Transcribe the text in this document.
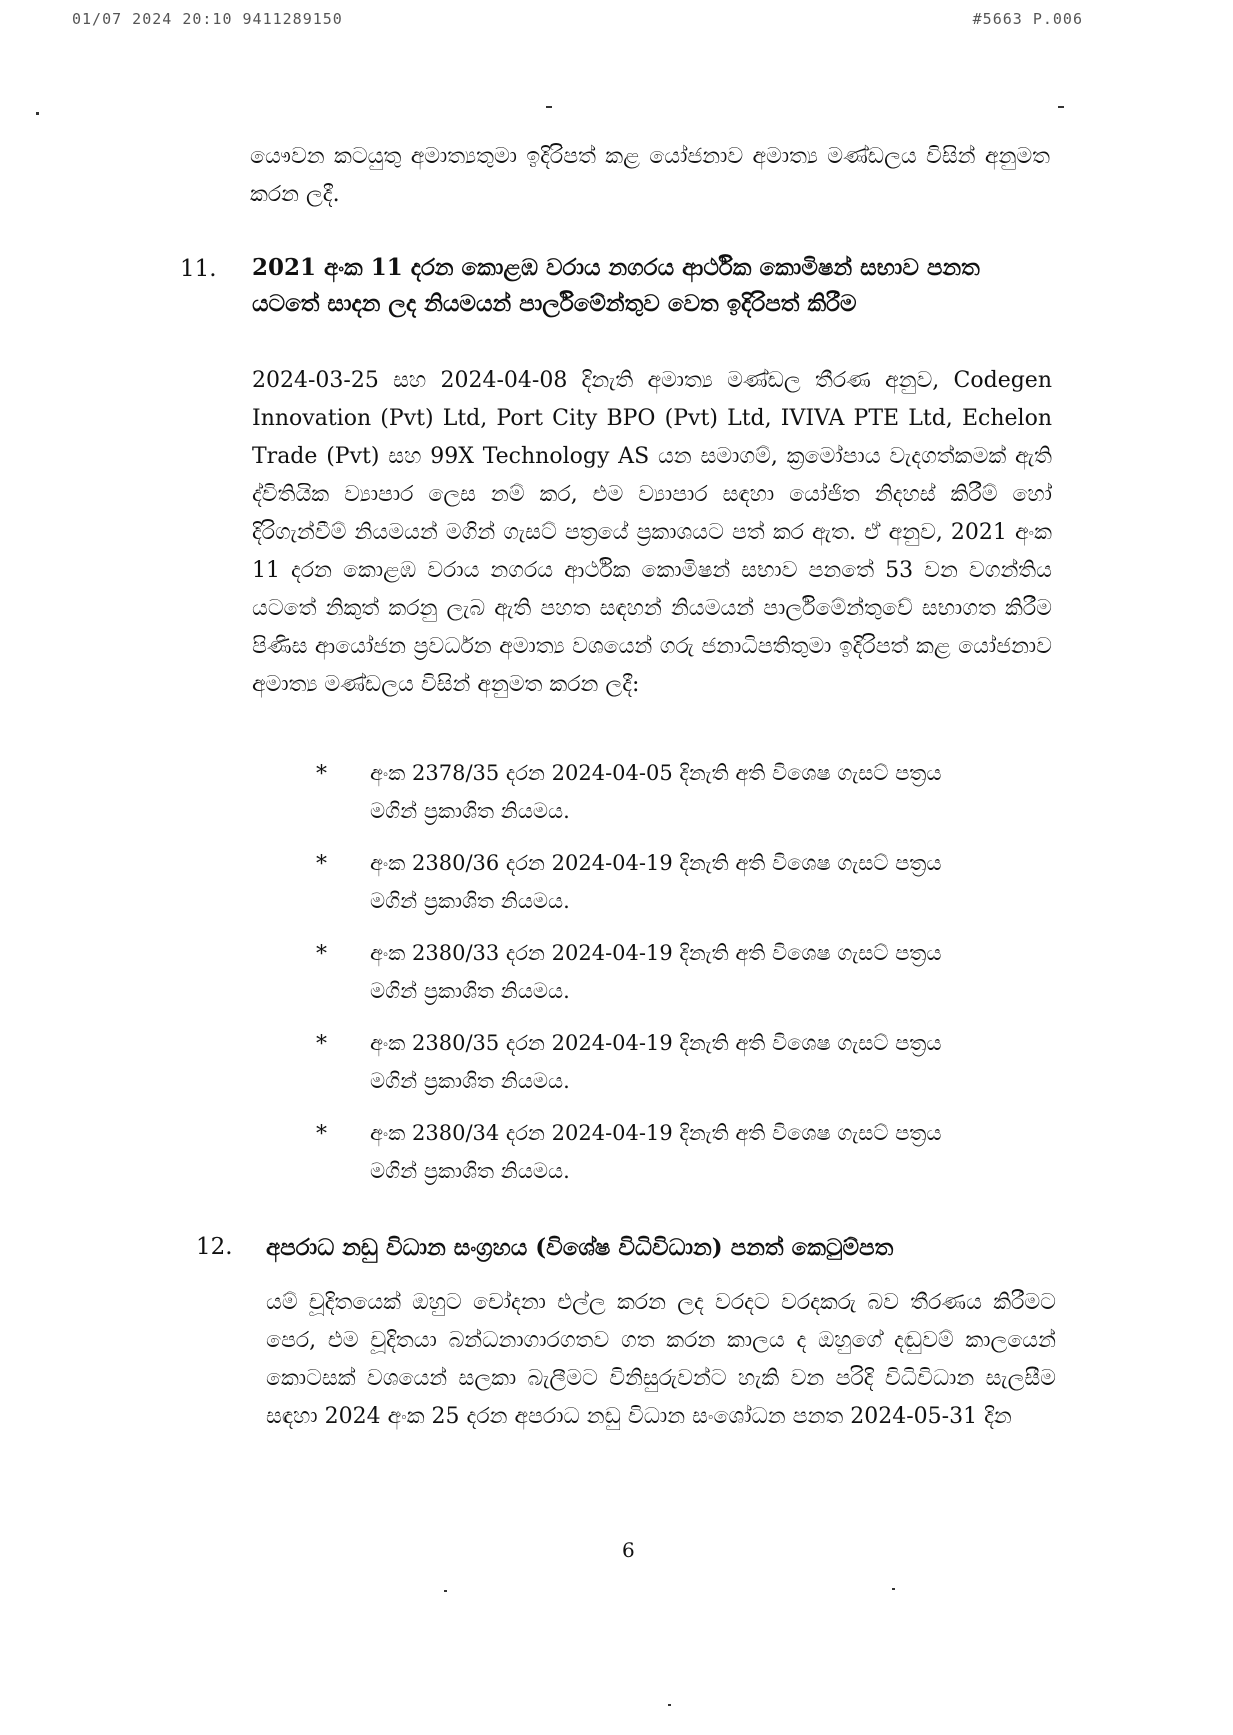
01/07 2024 20:10 9411289150	#5663 P.006
යෞවන කටයුතු අමාත්‍යතුමා ඉදිරිපත් කළ යෝජනාව අමාත්‍ය මණ්ඩලය විසින් අනුමත කරන ලදී.
11. 2021 අංක 11 දරන කොළඹ වරාය නගරය ආර්ථික කොමිෂන් සභාව පනත යටතේ සාදන ලද නියමයන් පාර්ලිමේන්තුව වෙත ඉදිරිපත් කිරීම
2024-03-25 සහ 2024-04-08 දිනැති අමාත්‍ය මණ්ඩල තීරණ අනුව, Codegen Innovation (Pvt) Ltd, Port City BPO (Pvt) Ltd, IVIVA PTE Ltd, Echelon Trade (Pvt) සහ 99X Technology AS යන සමාගම්, ක්‍රමෝපාය වැදගත්කමක් ඇති ද්විතියික ව්‍යාපාර ලෙස නම් කර, එම ව්‍යාපාර සඳහා යෝජිත නිදහස් කිරීම් හෝ දිරිගැන්වීම් නියමයන් මගින් ගැසට් පත්‍රයේ ප්‍රකාශයට පත් කර ඇත. ඒ අනුව, 2021 අංක 11 දරන කොළඹ වරාය නගරය ආර්ථික කොමිෂන් සභාව පනතේ 53 වන වගන්තිය යටතේ නිකුත් කරනු ලැබ ඇති පහත සඳහන් නියමයන් පාර්ලිමේන්තුවේ සභාගත කිරීම පිණිස ආයෝජන ප්‍රවර්ධන අමාත්‍ය වශයෙන් ගරු ජනාධිපතිතුමා ඉදිරිපත් කළ යෝජනාව අමාත්‍ය මණ්ඩලය විසින් අනුමත කරන ලදී:
* අංක 2378/35 දරන 2024-04-05 දිනැති අති විශෙෂ ගැසට් පත්‍රය මගින් ප්‍රකාශිත නියමය.
* අංක 2380/36 දරන 2024-04-19 දිනැති අති විශෙෂ ගැසට් පත්‍රය මගින් ප්‍රකාශිත නියමය.
* අංක 2380/33 දරන 2024-04-19 දිනැති අති විශෙෂ ගැසට් පත්‍රය මගින් ප්‍රකාශිත නියමය.
* අංක 2380/35 දරන 2024-04-19 දිනැති අති විශෙෂ ගැසට් පත්‍රය මගින් ප්‍රකාශිත නියමය.
* අංක 2380/34 දරන 2024-04-19 දිනැති අති විශෙෂ ගැසට් පත්‍රය මගින් ප්‍රකාශිත නියමය.
12. අපරාධ නඩු විධාන සංග්‍රහය (විශේෂ විධිවිධාන) පනත් කෙටුම්පත
යම් චූදිතයෙක් ඔහුට චෝදනා එල්ල කරන ලද වරදට වරදකරු බව තීරණය කිරීමට පෙර, එම චූදිතයා බන්ධනාගාරගතව ගත කරන කාලය ද ඔහුගේ දඬුවම් කාලයෙන් කොටසක් වශයෙන් සලකා බැලීමට විනිසුරුවන්ට හැකි වන පරිදි විධිවිධාන සැලසීම සඳහා 2024 අංක 25 දරන අපරාධ නඩු විධාන සංශෝධන පනත 2024-05-31 දින
6
